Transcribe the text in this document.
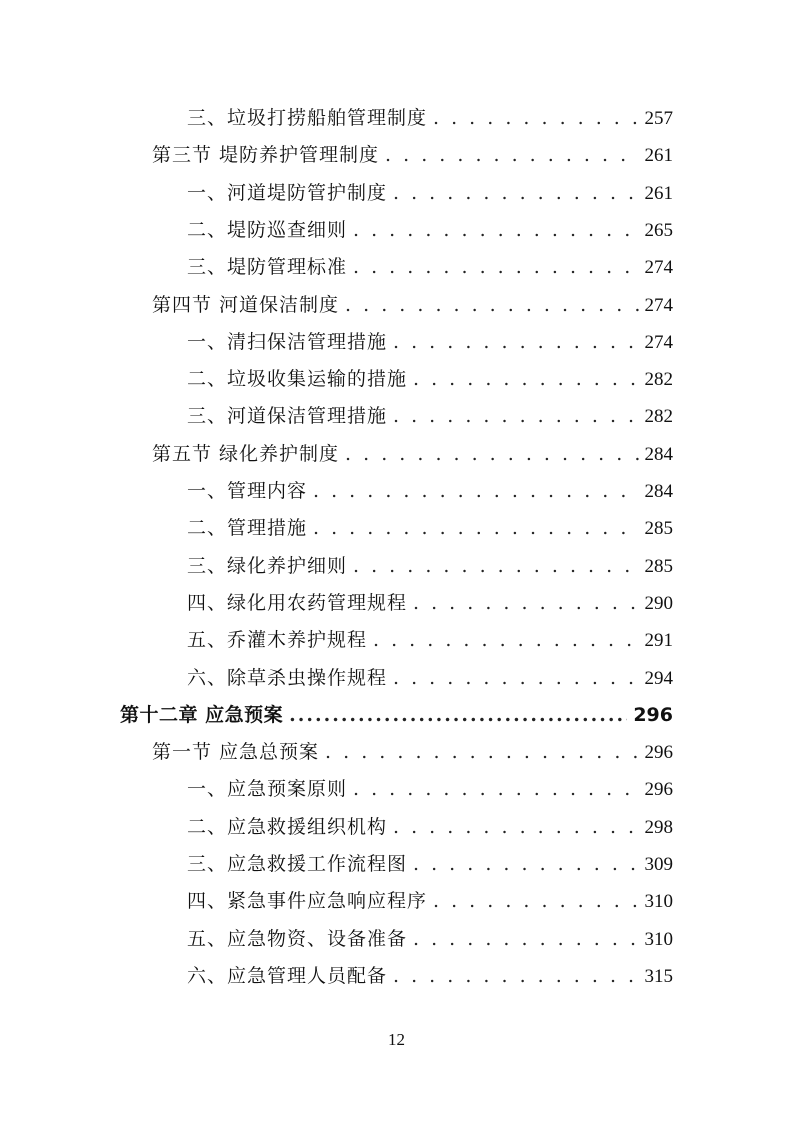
三、垃圾打捞船舶管理制度 . . .	257
第三节 堤防养护管理制度 . . .	261
一、河道堤防管护制度 . . .	261
二、堤防巡查细则 . . .	265
三、堤防管理标准 . . .	274
第四节 河道保洁制度 . . .	274
一、清扫保洁管理措施 . . .	274
二、垃圾收集运输的措施 . . .	282
三、河道保洁管理措施 . . .	282
第五节 绿化养护制度 . . .	284
一、管理内容 . . .	284
二、管理措施 . . .	285
三、绿化养护细则 . . .	285
四、绿化用农药管理规程 . . .	290
五、乔灌木养护规程 . . .	291
六、除草杀虫操作规程 . . .	294
第十二章 应急预案 .....	296
第一节 应急总预案 . . .	296
一、应急预案原则 . . .	296
二、应急救援组织机构 . . .	298
三、应急救援工作流程图 . . .	309
四、紧急事件应急响应程序 . . .	310
五、应急物资、设备准备 . . .	310
六、应急管理人员配备 . . .	315
12
